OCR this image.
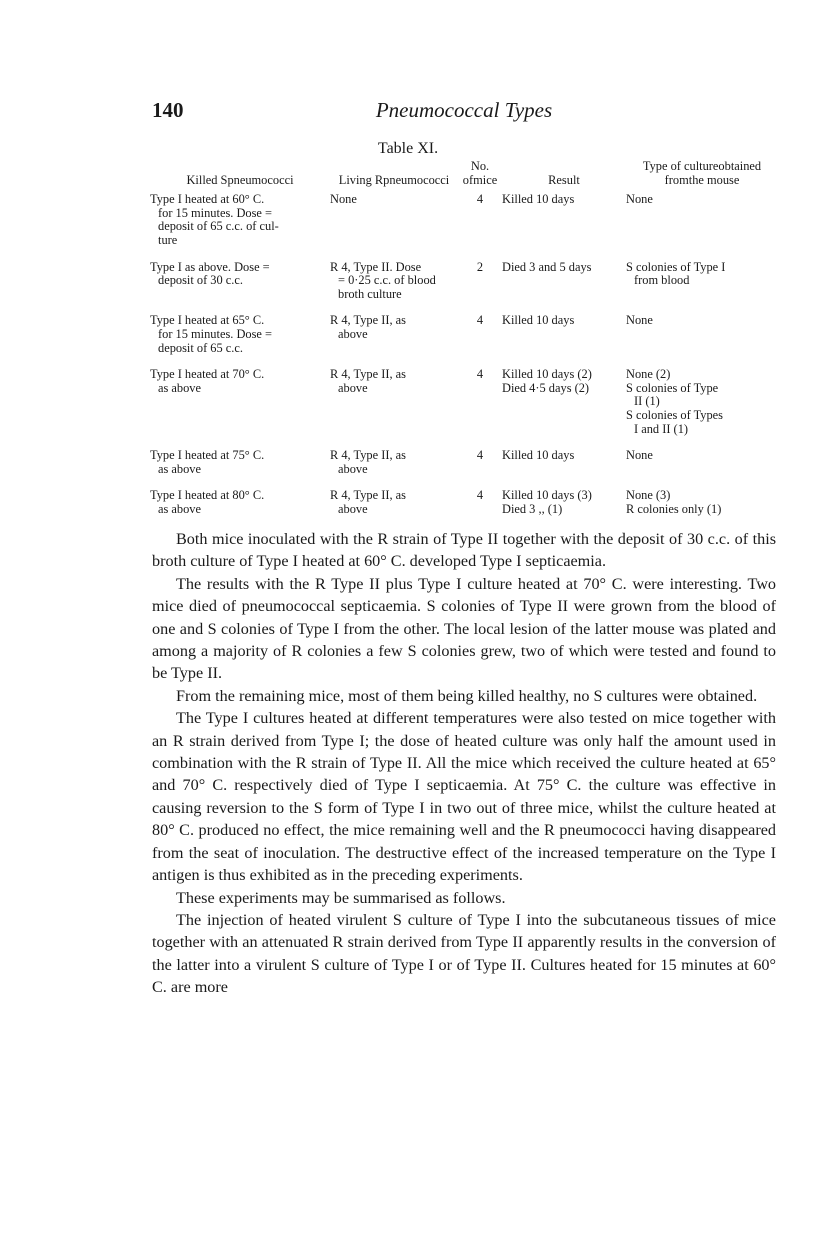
140	Pneumococcal Types
Table XI.
Killed Spneumococci	Living Rpneumococci	No. ofmice	Result	Type of cultureobtained fromthe mouse

Type I heated at 60° C.
for 15 minutes. Dose =
deposit of 65 c.c. of cul-
ture	None	4	Killed 10 days	None

Type I as above. Dose =
deposit of 30 c.c.	R 4, Type II. Dose
= 0·25 c.c. of blood
broth culture	2	Died 3 and 5 days	S colonies of Type I
from blood

Type I heated at 65° C.
for 15 minutes. Dose =
deposit of 65 c.c.	R 4, Type II, as
above	4	Killed 10 days	None

Type I heated at 70° C.
as above	R 4, Type II, as
above	4	Killed 10 days (2)
Died 4·5 days (2)	None (2)
S colonies of Type
II (1)
S colonies of Types
I and II (1)

Type I heated at 75° C.
as above	R 4, Type II, as
above	4	Killed 10 days	None

Type I heated at 80° C.
as above	R 4, Type II, as
above	4	Killed 10 days (3)
Died 3 ,, (1)	None (3)
R colonies only (1)

Both mice inoculated with the R strain of Type II together with the deposit of 30 c.c. of this broth culture of Type I heated at 60° C. developed Type I septicaemia.

The results with the R Type II plus Type I culture heated at 70° C. were interesting. Two mice died of pneumococcal septicaemia. S colonies of Type II were grown from the blood of one and S colonies of Type I from the other. The local lesion of the latter mouse was plated and among a majority of R colonies a few S colonies grew, two of which were tested and found to be Type II.

From the remaining mice, most of them being killed healthy, no S cultures were obtained.

The Type I cultures heated at different temperatures were also tested on mice together with an R strain derived from Type I; the dose of heated culture was only half the amount used in combination with the R strain of Type II. All the mice which received the culture heated at 65° and 70° C. respectively died of Type I septicaemia. At 75° C. the culture was effective in causing reversion to the S form of Type I in two out of three mice, whilst the culture heated at 80° C. produced no effect, the mice remaining well and the R pneumococci having disappeared from the seat of inoculation. The destructive effect of the increased temperature on the Type I antigen is thus exhibited as in the preceding experiments.

These experiments may be summarised as follows.

The injection of heated virulent S culture of Type I into the subcutaneous tissues of mice together with an attenuated R strain derived from Type II apparently results in the conversion of the latter into a virulent S culture of Type I or of Type II. Cultures heated for 15 minutes at 60° C. are more
